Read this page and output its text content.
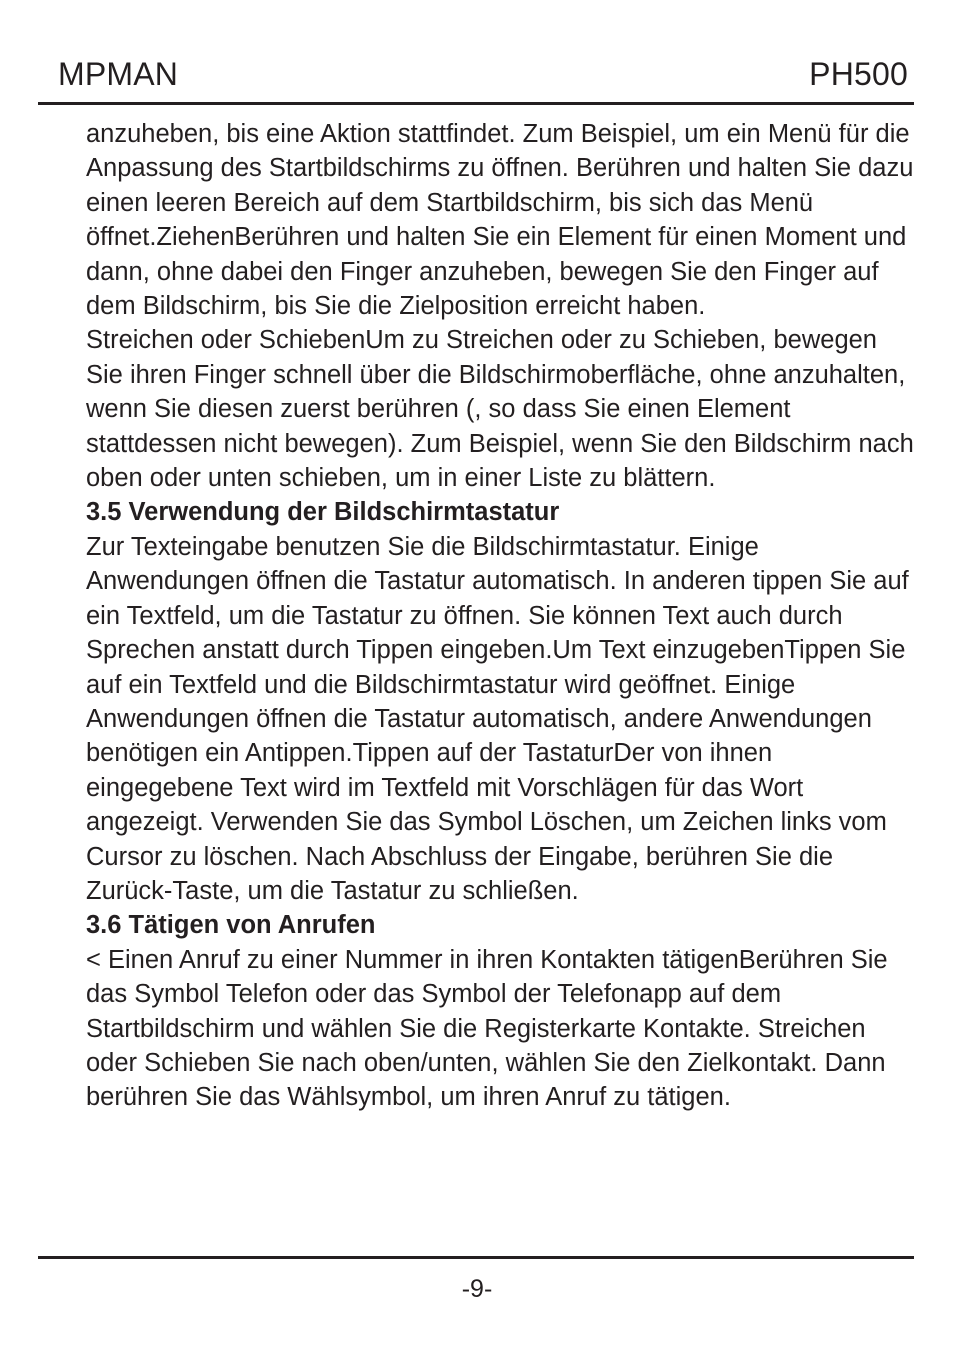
MPMAN	PH500

anzuheben, bis eine Aktion stattfindet. Zum Beispiel, um ein Menü für die Anpassung des Startbildschirms zu öffnen. Berühren und halten Sie dazu einen leeren Bereich auf dem Startbildschirm, bis sich das Menü öffnet.ZiehenBerühren und halten Sie ein Element für einen Moment und dann, ohne dabei den Finger anzuheben, bewegen Sie den Finger auf dem Bildschirm, bis Sie die Zielposition erreicht haben.

Streichen oder SchiebenUm zu Streichen oder zu Schieben, bewegen Sie ihren Finger schnell über die Bildschirmoberfläche, ohne anzuhalten, wenn Sie diesen zuerst berühren (, so dass Sie einen Element stattdessen nicht bewegen). Zum Beispiel, wenn Sie den Bildschirm nach oben oder unten schieben, um in einer Liste zu blättern.

3.5 Verwendung der Bildschirmtastatur

Zur Texteingabe benutzen Sie die Bildschirmtastatur. Einige Anwendungen öffnen die Tastatur automatisch. In anderen tippen Sie auf ein Textfeld, um die Tastatur zu öffnen. Sie können Text auch durch Sprechen anstatt durch Tippen eingeben.Um Text einzugebenTippen Sie auf ein Textfeld und die Bildschirmtastatur wird geöffnet. Einige Anwendungen öffnen die Tastatur automatisch, andere Anwendungen benötigen ein Antippen.Tippen auf der TastaturDer von ihnen eingegebene Text wird im Textfeld mit Vorschlägen für das Wort angezeigt. Verwenden Sie das Symbol Löschen, um Zeichen links vom Cursor zu löschen. Nach Abschluss der Eingabe, berühren Sie die Zurück-Taste, um die Tastatur zu schließen.

3.6 Tätigen von Anrufen

< Einen Anruf zu einer Nummer in ihren Kontakten tätigenBerühren Sie das Symbol Telefon oder das Symbol der Telefonapp auf dem Startbildschirm und wählen Sie die Registerkarte Kontakte. Streichen oder Schieben Sie nach oben/unten, wählen Sie den Zielkontakt. Dann berühren Sie das Wählsymbol, um ihren Anruf zu tätigen.

-9-
